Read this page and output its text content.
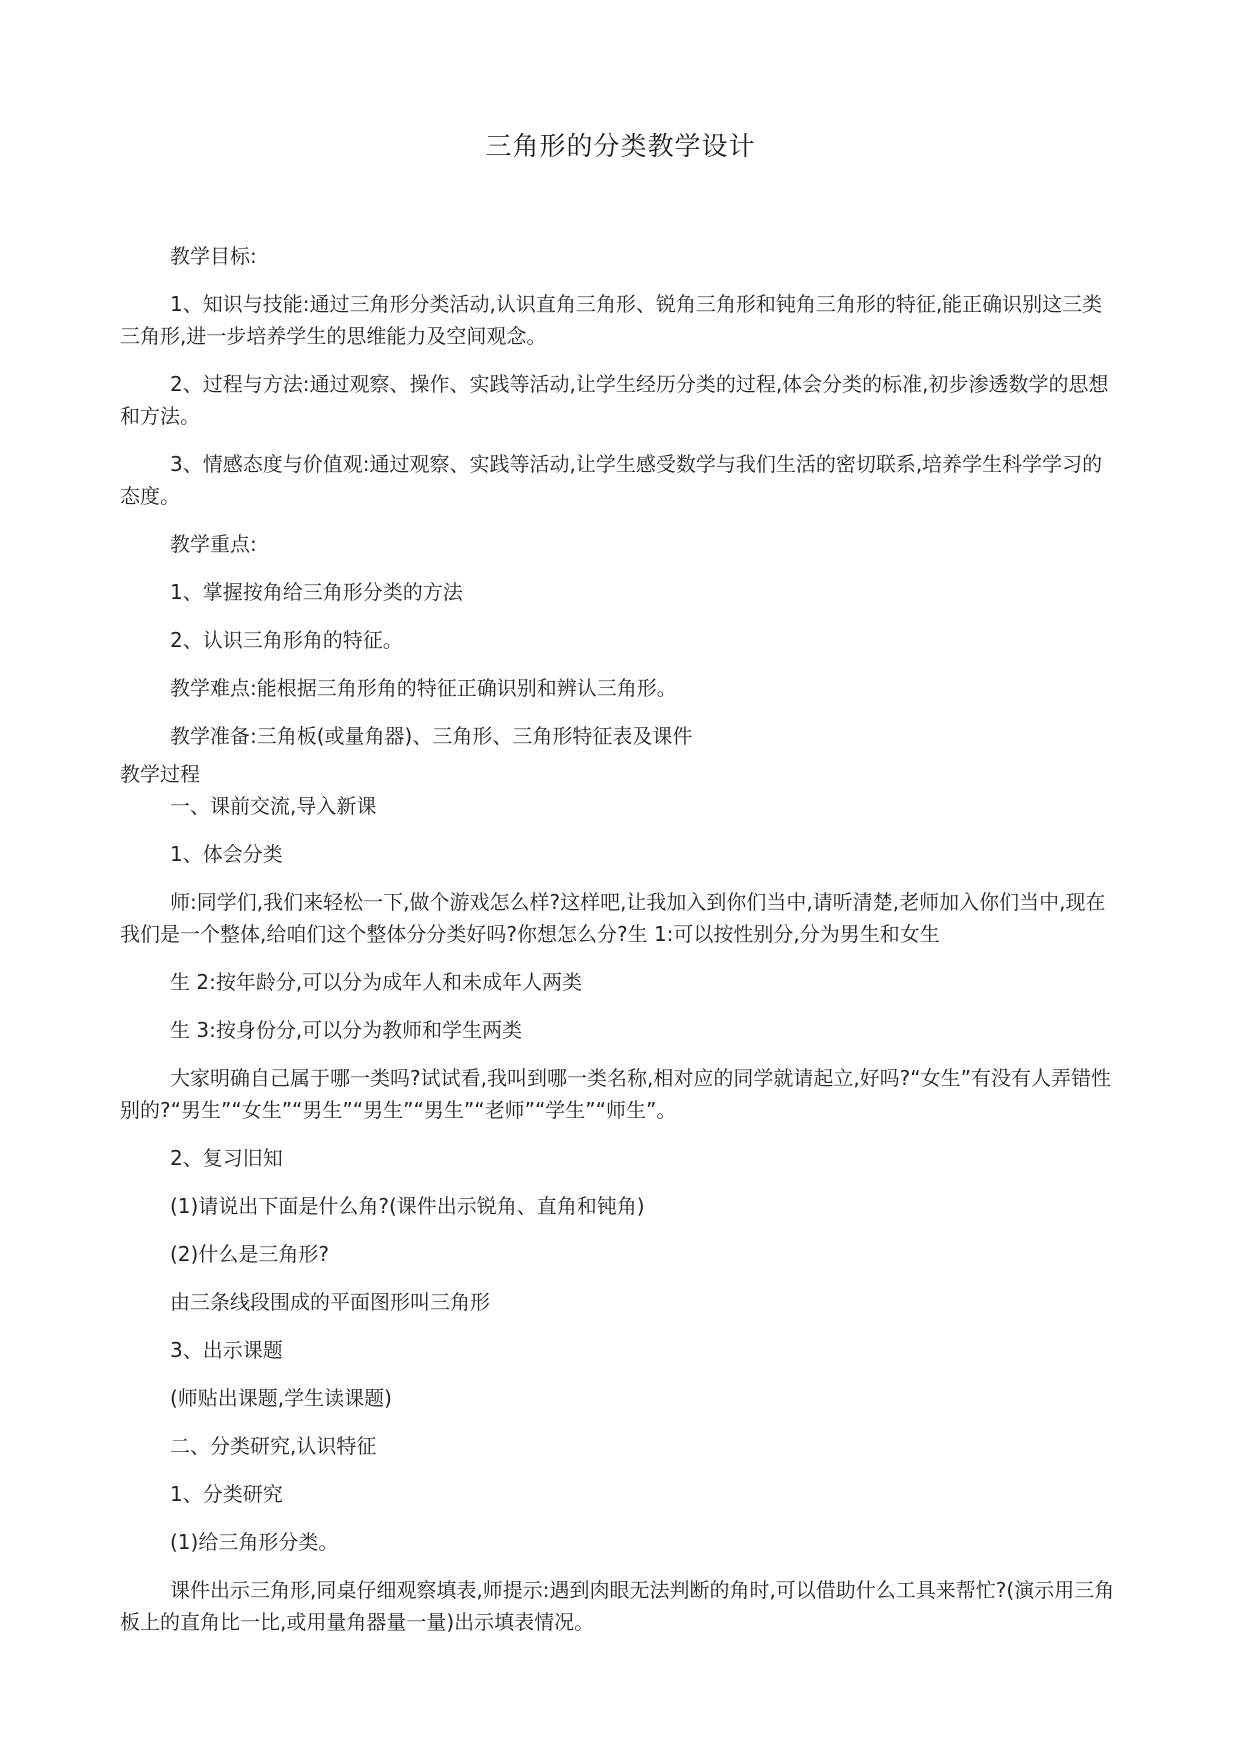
三角形的分类教学设计

教学目标:

1、知识与技能:通过三角形分类活动,认识直角三角形、锐角三角形和钝角三角形的特征,能正确识别这三类三角形,进一步培养学生的思维能力及空间观念。

2、过程与方法:通过观察、操作、实践等活动,让学生经历分类的过程,体会分类的标准,初步渗透数学的思想和方法。

3、情感态度与价值观:通过观察、实践等活动,让学生感受数学与我们生活的密切联系,培养学生科学学习的态度。

教学重点:

1、掌握按角给三角形分类的方法

2、认识三角形角的特征。

教学难点:能根据三角形角的特征正确识别和辨认三角形。

教学准备:三角板(或量角器)、三角形、三角形特征表及课件

教学过程

一、课前交流,导入新课

1、体会分类

师:同学们,我们来轻松一下,做个游戏怎么样?这样吧,让我加入到你们当中,请听清楚,老师加入你们当中,现在我们是一个整体,给咱们这个整体分分类好吗?你想怎么分?生 1:可以按性别分,分为男生和女生

生 2:按年龄分,可以分为成年人和未成年人两类

生 3:按身份分,可以分为教师和学生两类

大家明确自己属于哪一类吗?试试看,我叫到哪一类名称,相对应的同学就请起立,好吗?“女生”有没有人弄错性别的?“男生”“女生”“男生”“男生”“男生”“老师”“学生”“师生”。

2、复习旧知

(1)请说出下面是什么角?(课件出示锐角、直角和钝角)

(2)什么是三角形?

由三条线段围成的平面图形叫三角形

3、出示课题

(师贴出课题,学生读课题)

二、分类研究,认识特征

1、分类研究

(1)给三角形分类。

课件出示三角形,同桌仔细观察填表,师提示:遇到肉眼无法判断的角时,可以借助什么工具来帮忙?(演示用三角板上的直角比一比,或用量角器量一量)出示填表情况。
